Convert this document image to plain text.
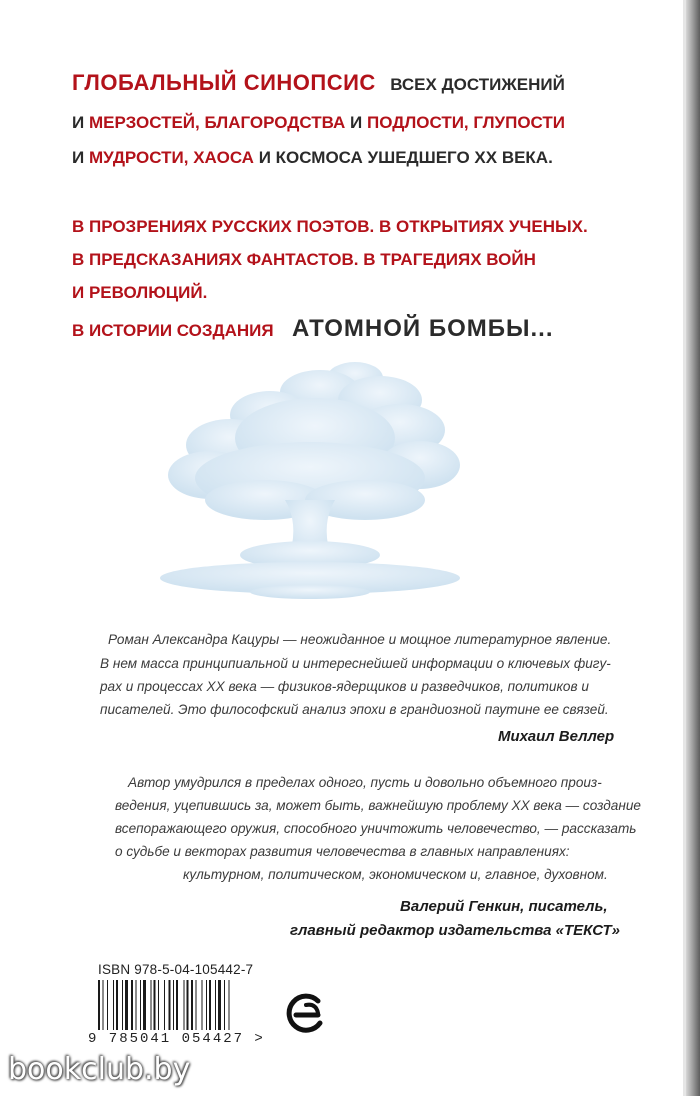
ГЛОБАЛЬНЫЙ СИНОПСИС ВСЕХ ДОСТИЖЕНИЙ
И МЕРЗОСТЕЙ, БЛАГОРОДСТВА И ПОДЛОСТИ, ГЛУПОСТИ
И МУДРОСТИ, ХАОСА И КОСМОСА УШЕДШЕГО XX ВЕКА.
В ПРОЗРЕНИЯХ РУССКИХ ПОЭТОВ. В ОТКРЫТИЯХ УЧЕНЫХ.
В ПРЕДСКАЗАНИЯХ ФАНТАСТОВ. В ТРАГЕДИЯХ ВОЙН
И РЕВОЛЮЦИЙ.
В ИСТОРИИ СОЗДАНИЯ АТОМНОЙ БОМБЫ...
Роман Александра Кацуры — неожиданное и мощное литературное явление.
В нем масса принципиальной и интереснейшей информации о ключевых фигу-
рах и процессах XX века — физиков-ядерщиков и разведчиков, политиков и
писателей. Это философский анализ эпохи в грандиозной паутине ее связей.
Михаил Веллер
Автор умудрился в пределах одного, пусть и довольно объемного произ-
ведения, уцепившись за, может быть, важнейшую проблему XX века — создание
всепоражающего оружия, способного уничтожить человечество, — рассказать
о судьбе и векторах развития человечества в главных направлениях:
культурном, политическом, экономическом и, главное, духовном.
Валерий Генкин, писатель,
главный редактор издательства «ТЕКСТ»
ISBN 978-5-04-105442-7
9 785041 054427 >
bookclub.by
